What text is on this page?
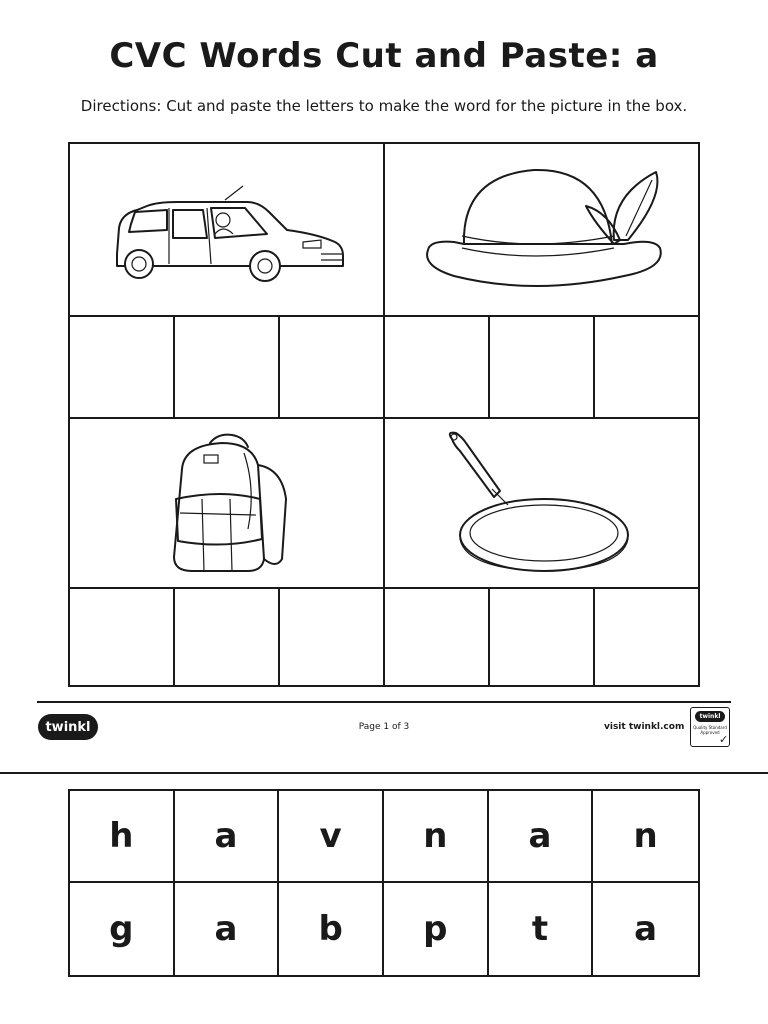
CVC Words Cut and Paste: a
Directions: Cut and paste the letters to make the word for the picture in the box.
twinkl	Page 1 of 3	visit twinkl.com
twinkl
Quality Standard Approved
✓
h	a	v	n	a	n
g	a	b	p	t	a
